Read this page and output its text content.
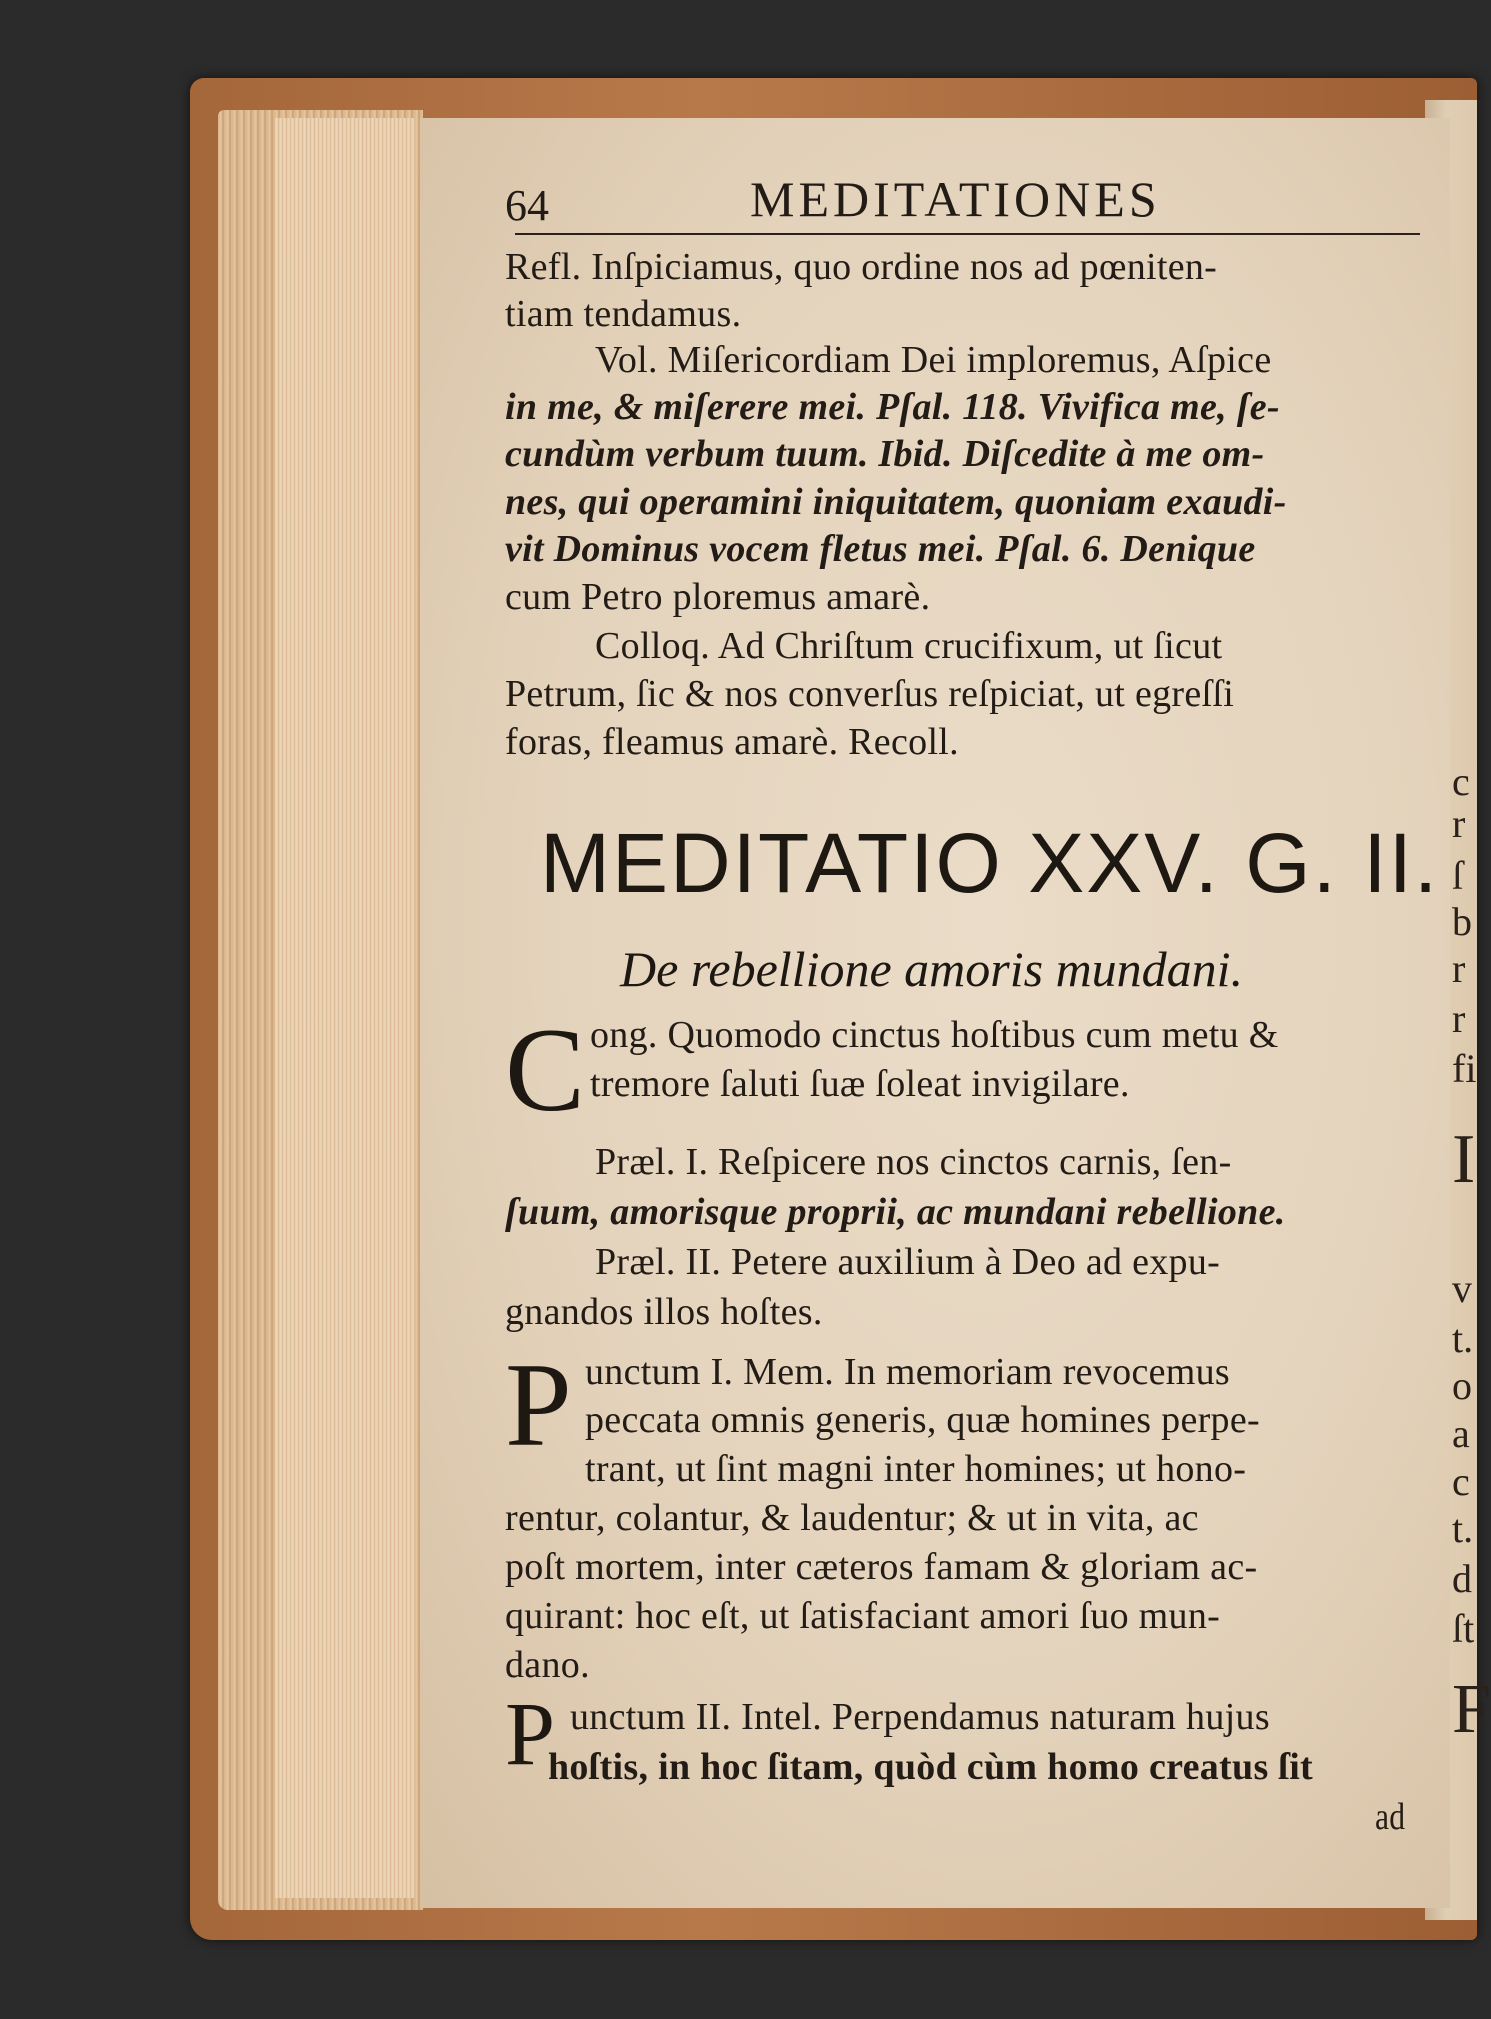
c
r
ſ
b
r
r
fi
I
v
t.
o
a
c
t.
d
ſt
F
64	MEDITATIONES
Refl. Inſpiciamus, quo ordine nos ad pœniten-
tiam tendamus.
Vol. Miſericordiam Dei imploremus, Aſpice
in me, & miſerere mei. Pſal. 118. Vivifica me, ſe-
cundùm verbum tuum. Ibid. Diſcedite à me om-
nes, qui operamini iniquitatem, quoniam exaudi-
vit Dominus vocem fletus mei. Pſal. 6. Denique
cum Petro ploremus amarè.
Colloq. Ad Chriſtum crucifixum, ut ſicut
Petrum, ſic & nos converſus reſpiciat, ut egreſſi
foras, fleamus amarè. Recoll.
MEDITATIO XXV. G. II.
De rebellione amoris mundani.
C ong. Quomodo cinctus hoſtibus cum metu &
tremore ſaluti ſuæ ſoleat invigilare.
Præl. I. Reſpicere nos cinctos carnis, ſen-
ſuum, amorisque proprii, ac mundani rebellione.
Præl. II. Petere auxilium à Deo ad expu-
gnandos illos hoſtes.
P unctum I. Mem. In memoriam revocemus
peccata omnis generis, quæ homines perpe-
trant, ut ſint magni inter homines; ut hono-
rentur, colantur, & laudentur; & ut in vita, ac
poſt mortem, inter cæteros famam & gloriam ac-
quirant: hoc eſt, ut ſatisfaciant amori ſuo mun-
dano.
P unctum II. Intel. Perpendamus naturam hujus
hoſtis, in hoc ſitam, quòd cùm homo creatus ſit
ad
